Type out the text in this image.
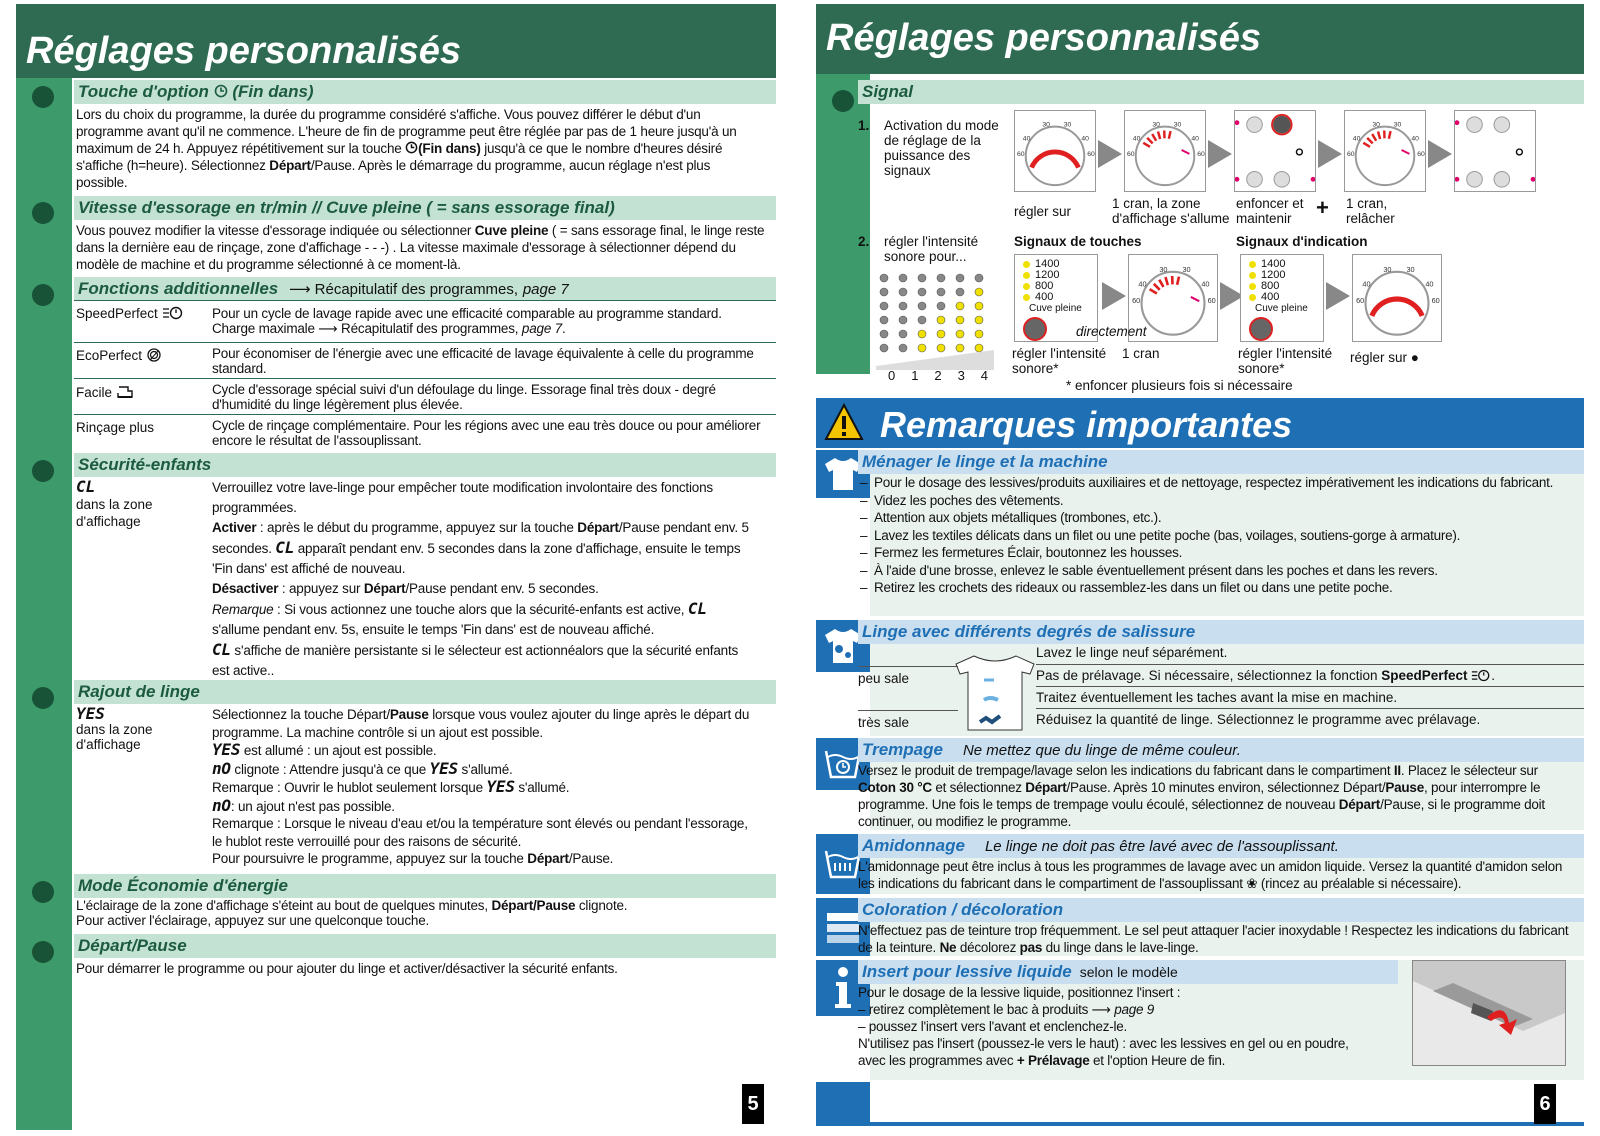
Réglages personnalisés
Touche d'option (Fin dans)
Lors du choix du programme, la durée du programme considéré s'affiche. Vous pouvez différer le début d'un programme avant qu'il ne commence. L'heure de fin de programme peut être réglée par pas de 1 heure jusqu'à un maximum de 24 h. Appuyez répétitivement sur la touche (Fin dans) jusqu'à ce que le nombre d'heures désiré s'affiche (h=heure). Sélectionnez Départ/Pause. Après le démarrage du programme, aucun réglage n'est plus possible.
Vitesse d'essorage en tr/min // Cuve pleine ( = sans essorage final)
Vous pouvez modifier la vitesse d'essorage indiquée ou sélectionner Cuve pleine ( = sans essorage final, le linge reste dans la dernière eau de rinçage, zone d'affichage - - -) . La vitesse maximale d'essorage à sélectionner dépend du modèle de machine et du programme sélectionné à ce moment-là.
Fonctions additionnelles ⟶ Récapitulatif des programmes, page 7
SpeedPerfect	Pour un cycle de lavage rapide avec une efficacité comparable au programme standard.
Charge maximale ⟶ Récapitulatif des programmes, page 7.
EcoPerfect	Pour économiser de l'énergie avec une efficacité de lavage équivalente à celle du programme standard.
Facile	Cycle d'essorage spécial suivi d'un défoulage du linge. Essorage final très doux - degré d'humidité du linge légèrement plus élevée.
Rinçage plus	Cycle de rinçage complémentaire. Pour les régions avec une eau très douce ou pour améliorer encore le résultat de l'assouplissant.
Sécurité-enfants
CL
dans la zone d'affichage
Verrouillez votre lave-linge pour empêcher toute modification involontaire des fonctions programmées.
Activer : après le début du programme, appuyez sur la touche Départ/Pause pendant env. 5 secondes. CL apparaît pendant env. 5 secondes dans la zone d'affichage, ensuite le temps 'Fin dans' est affiché de nouveau.
Désactiver : appuyez sur Départ/Pause pendant env. 5 secondes.
Remarque : Si vous actionnez une touche alors que la sécurité-enfants est active, CL s'allume pendant env. 5s, ensuite le temps 'Fin dans' est de nouveau affiché.
CL s'affiche de manière persistante si le sélecteur est actionnéalors que la sécurité enfants est active..
Rajout de linge
YES
dans la zone d'affichage
Sélectionnez la touche Départ/Pause lorsque vous voulez ajouter du linge après le départ du programme. La machine contrôle si un ajout est possible.
YES est allumé : un ajout est possible.
nO clignote : Attendre jusqu'à ce que YES s'allumé.
Remarque : Ouvrir le hublot seulement lorsque YES s'allumé.
nO: un ajout n'est pas possible.
Remarque : Lorsque le niveau d'eau et/ou la température sont élevés ou pendant l'essorage, le hublot reste verrouillé pour des raisons de sécurité.
Pour poursuivre le programme, appuyez sur la touche Départ/Pause.
Mode Économie d'énergie
L'éclairage de la zone d'affichage s'éteint au bout de quelques minutes, Départ/Pause clignote.
Pour activer l'éclairage, appuyez sur une quelconque touche.
Départ/Pause
Pour démarrer le programme ou pour ajouter du linge et activer/désactiver la sécurité enfants.
5
Réglages personnalisés
Signal
1. Activation du mode de réglage de la puissance des signaux
30 30
40	40
60	60
30 30
40	40
60	60
30 30
40	40
60	60
régler sur
1 cran, la zone d'affichage s'allume
enfoncer et maintenir	+ 1 cran, relâcher
2. régler l'intensité sonore pour...
Signaux de touches	Signaux d'indication
0 1 2 3 4
1400
1200
800
400
Cuve pleine
30 30
40	40
60	60
1400
1200
800
400
Cuve pleine
30 30
40	40
60	60
directement
régler l'intensité sonore*
1 cran	régler l'intensité sonore*
régler sur ●
* enfoncer plusieurs fois si nécessaire
Remarques importantes
Ménager le linge et la machine
– Pour le dosage des lessives/produits auxiliaires et de nettoyage, respectez impérativement les indications du fabricant.
– Videz les poches des vêtements.
– Attention aux objets métalliques (trombones, etc.).
– Lavez les textiles délicats dans un filet ou une petite poche (bas, voilages, soutiens-gorge à armature).
– Fermez les fermetures Éclair, boutonnez les housses.
– À l'aide d'une brosse, enlevez le sable éventuellement présent dans les poches et dans les revers.
– Retirez les crochets des rideaux ou rassemblez-les dans un filet ou dans une petite poche.
Linge avec différents degrés de salissure
peu sale
très sale
Lavez le linge neuf séparément.
Pas de prélavage. Si nécessaire, sélectionnez la fonction SpeedPerfect .
Traitez éventuellement les taches avant la mise en machine.
Réduisez la quantité de linge. Sélectionnez le programme avec prélavage.
Trempage Ne mettez que du linge de même couleur.
Versez le produit de trempage/lavage selon les indications du fabricant dans le compartiment II. Placez le sélecteur sur Coton 30 °C et sélectionnez Départ/Pause. Après 10 minutes environ, sélectionnez Départ/Pause, pour interrompre le programme. Une fois le temps de trempage voulu écoulé, sélectionnez de nouveau Départ/Pause, si le programme doit continuer, ou modifiez le programme.
Amidonnage Le linge ne doit pas être lavé avec de l'assouplissant.
L'amidonnage peut être inclus à tous les programmes de lavage avec un amidon liquide. Versez la quantité d'amidon selon les indications du fabricant dans le compartiment de l'assouplissant ❀ (rincez au préalable si nécessaire).
Coloration / décoloration
N'effectuez pas de teinture trop fréquemment. Le sel peut attaquer l'acier inoxydable ! Respectez les indications du fabricant de la teinture. Ne décolorez pas du linge dans le lave-linge.
Insert pour lessive liquide selon le modèle

Pour le dosage de la lessive liquide, positionnez l'insert :

– retirez complètement le bac à produits ⟶ page 9

– poussez l'insert vers l'avant et enclenchez-le.

N'utilisez pas l'insert (poussez-le vers le haut) : avec les lessives en gel ou en poudre,

avec les programmes avec + Prélavage et l'option Heure de fin.

6
